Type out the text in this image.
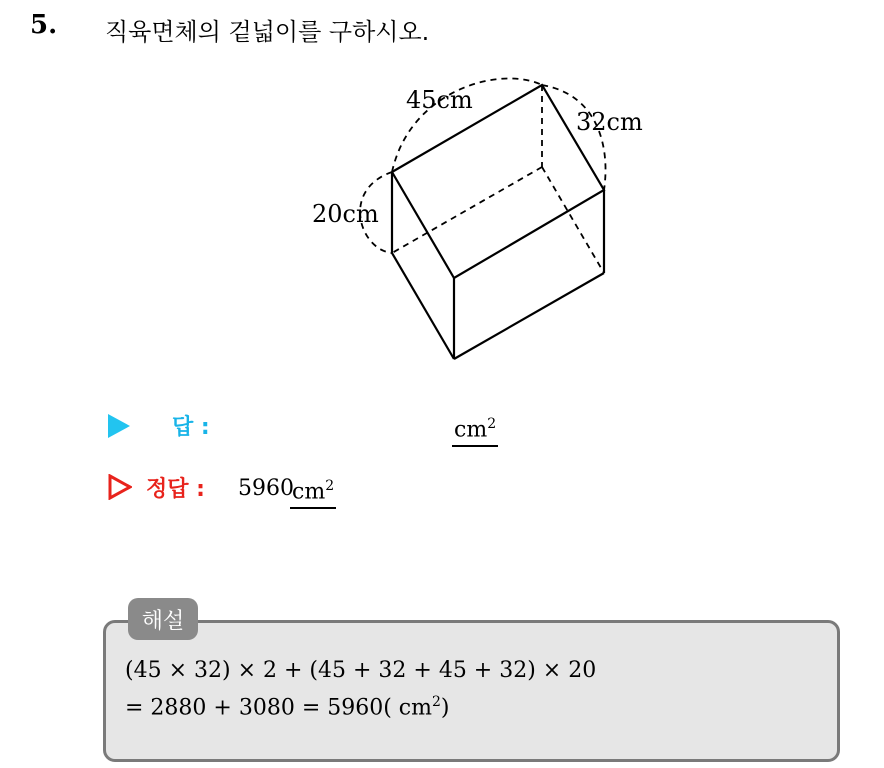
5. 직육면체의 겉넓이를 구하시오.
45cm
32cm
20cm
답 :	$cm^2$
정답 : 5960
$cm^2$
해설
(45 × 32) × 2 + (45 + 32 + 45 + 32) × 20
= 2880 + 3080 = 5960( $cm^2$)
